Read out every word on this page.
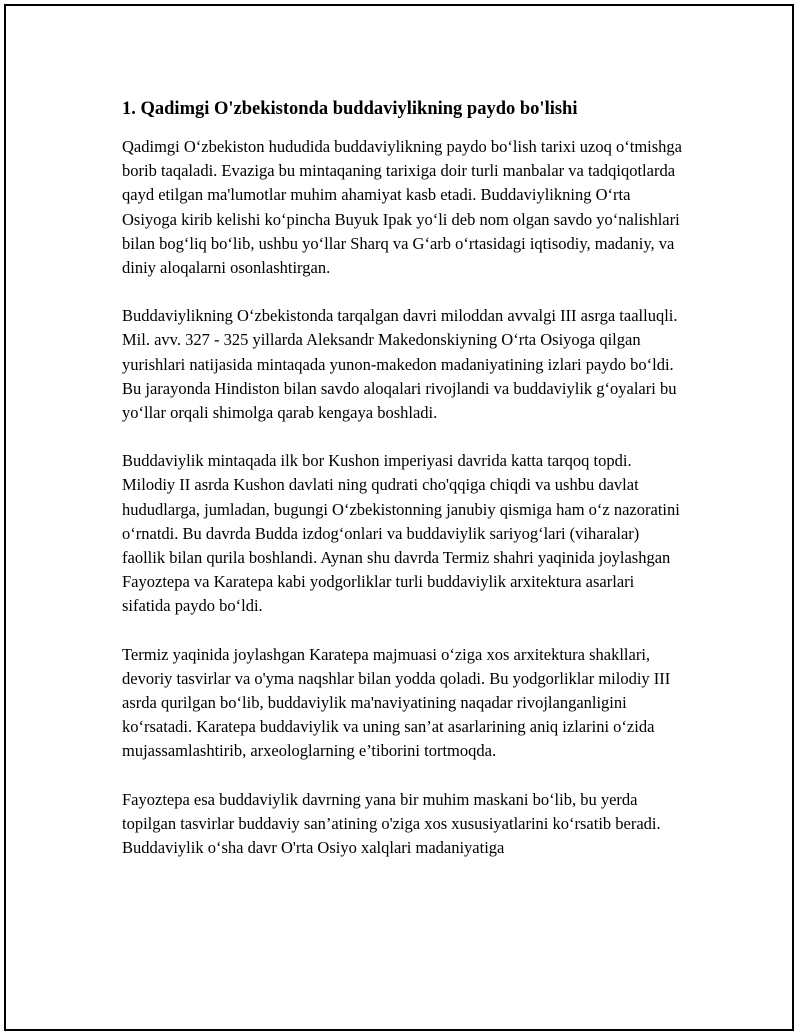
1. Qadimgi O'zbekistonda buddaviylikning paydo bo'lishi

Qadimgi O‘zbekiston hududida buddaviylikning paydo bo‘lish tarixi uzoq o‘tmishga borib taqaladi. Evaziga bu mintaqaning tarixiga doir turli manbalar va tadqiqotlarda qayd etilgan ma'lumotlar muhim ahamiyat kasb etadi. Buddaviylikning O‘rta Osiyoga kirib kelishi ko‘pincha Buyuk Ipak yo‘li deb nom olgan savdo yo‘nalishlari bilan bog‘liq bo‘lib, ushbu yo‘llar Sharq va G‘arb o‘rtasidagi iqtisodiy, madaniy, va diniy aloqalarni osonlashtirgan.

Buddaviylikning O‘zbekistonda tarqalgan davri miloddan avvalgi III asrga taalluqli. Mil. avv. 327 - 325 yillarda Aleksandr Makedonskiyning O‘rta Osiyoga qilgan yurishlari natijasida mintaqada yunon-makedon madaniyatining izlari paydo bo‘ldi. Bu jarayonda Hindiston bilan savdo aloqalari rivojlandi va buddaviylik g‘oyalari bu yo‘llar orqali shimolga qarab kengaya boshladi.

Buddaviylik mintaqada ilk bor Kushon imperiyasi davrida katta tarqoq topdi. Milodiy II asrda Kushon davlati ning qudrati cho'qqiga chiqdi va ushbu davlat hududlarga, jumladan, bugungi O‘zbekistonning janubiy qismiga ham o‘z nazoratini o‘rnatdi. Bu davrda Budda izdog‘onlari va buddaviylik sariyog‘lari (viharalar) faollik bilan qurila boshlandi. Aynan shu davrda Termiz shahri yaqinida joylashgan Fayoztepa va Karatepa kabi yodgorliklar turli buddaviylik arxitektura asarlari sifatida paydo bo‘ldi.

Termiz yaqinida joylashgan Karatepa majmuasi o‘ziga xos arxitektura shakllari, devoriy tasvirlar va o'yma naqshlar bilan yodda qoladi. Bu yodgorliklar milodiy III asrda qurilgan bo‘lib, buddaviylik ma'naviyatining naqadar rivojlanganligini ko‘rsatadi. Karatepa buddaviylik va uning san’at asarlarining aniq izlarini o‘zida mujassamlashtirib, arxeologlarning e’tiborini tortmoqda.

Fayoztepa esa buddaviylik davrning yana bir muhim maskani bo‘lib, bu yerda topilgan tasvirlar buddaviy san’atining o'ziga xos xususiyatlarini ko‘rsatib beradi. Buddaviylik o‘sha davr O'rta Osiyo xalqlari madaniyatiga
